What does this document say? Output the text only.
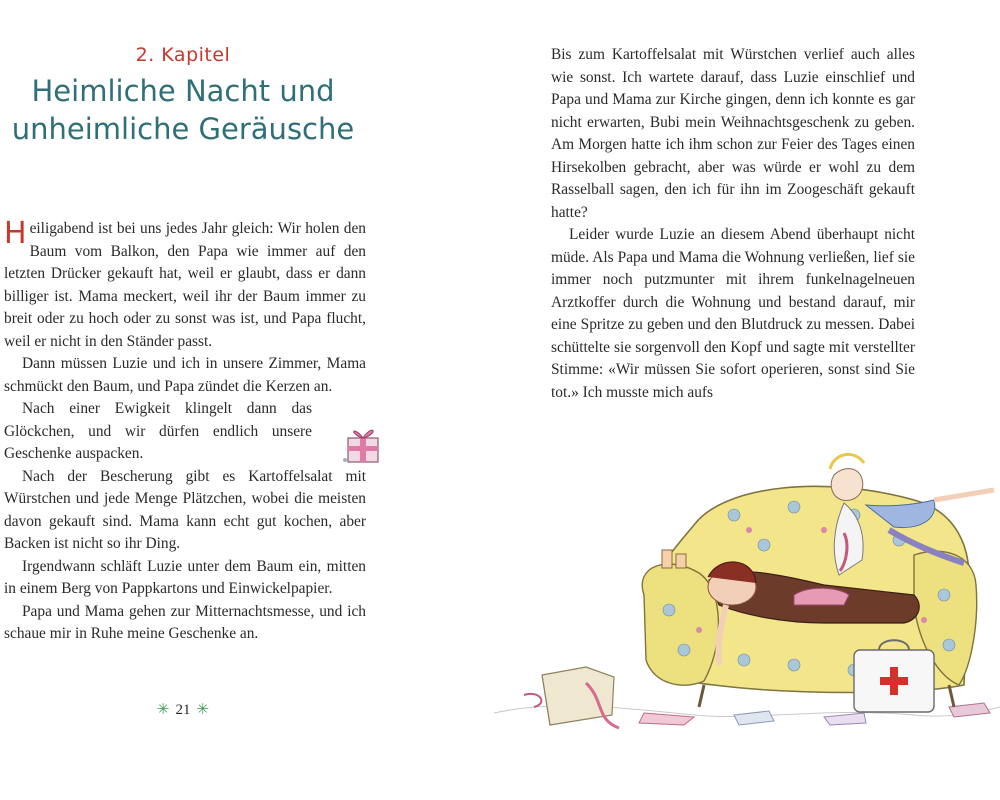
2. Kapitel
Heimliche Nacht und
unheimliche Geräusche

Heiligabend ist bei uns jedes Jahr gleich: Wir holen den Baum vom Balkon, den Papa wie immer auf den letzten Drücker gekauft hat, weil er glaubt, dass er dann billiger ist. Mama meckert, weil ihr der Baum immer zu breit oder zu hoch oder zu sonst was ist, und Papa flucht, weil er nicht in den Ständer passt.

Dann müssen Luzie und ich in unsere Zimmer, Mama schmückt den Baum, und Papa zündet die Kerzen an.

Nach einer Ewigkeit klingelt dann das Glöckchen, und wir dürfen endlich unsere Geschenke auspacken.

Nach der Bescherung gibt es Kartoffelsalat mit Würstchen und jede Menge Plätzchen, wobei die meisten davon gekauft sind. Mama kann echt gut kochen, aber Backen ist nicht so ihr Ding.

Irgendwann schläft Luzie unter dem Baum ein, mitten in einem Berg von Pappkartons und Einwickelpapier.

Papa und Mama gehen zur Mitternachtsmesse, und ich schaue mir in Ruhe meine Geschenke an.

✳ 21 ✳

Bis zum Kartoffelsalat mit Würstchen verlief auch alles wie sonst. Ich wartete darauf, dass Luzie einschlief und Papa und Mama zur Kirche gingen, denn ich konnte es gar nicht erwarten, Bubi mein Weihnachtsgeschenk zu geben. Am Morgen hatte ich ihm schon zur Feier des Tages einen Hirsekolben gebracht, aber was würde er wohl zu dem Rasselball sagen, den ich für ihn im Zoogeschäft gekauft hatte?

Leider wurde Luzie an diesem Abend überhaupt nicht müde. Als Papa und Mama die Wohnung verließen, lief sie immer noch putzmunter mit ihrem funkelnagelneuen Arztkoffer durch die Wohnung und bestand darauf, mir eine Spritze zu geben und den Blutdruck zu messen. Dabei schüttelte sie sorgenvoll den Kopf und sagte mit verstellter Stimme: «Wir müssen Sie sofort operieren, sonst sind Sie tot.» Ich musste mich aufs
